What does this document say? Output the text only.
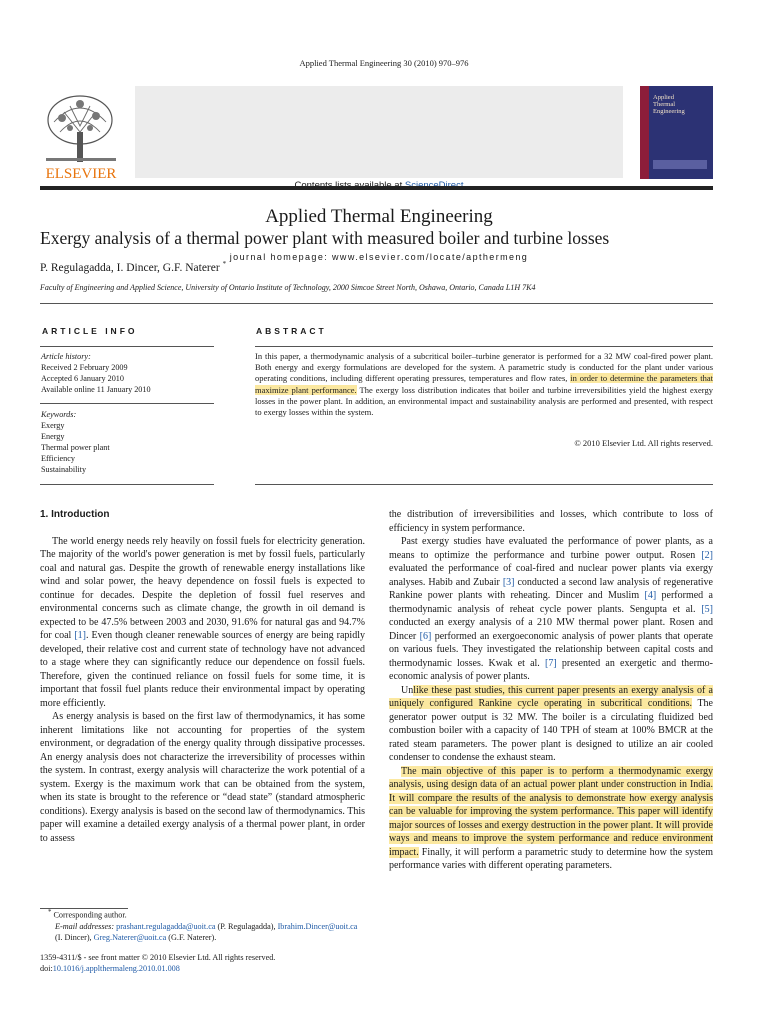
Applied Thermal Engineering 30 (2010) 970–976
ELSEVIER
Applied Thermal Engineering
journal homepage: www.elsevier.com/locate/apthermeng
Applied
Thermal
Engineering
Exergy analysis of a thermal power plant with measured boiler and turbine losses
P. Regulagadda, I. Dincer, G.F. Naterer *
Faculty of Engineering and Applied Science, University of Ontario Institute of Technology, 2000 Simcoe Street North, Oshawa, Ontario, Canada L1H 7K4
ARTICLE INFO
Article history:
Received 2 February 2009
Accepted 6 January 2010
Available online 11 January 2010
Keywords:
Exergy
Energy
Thermal power plant
Efficiency
Sustainability
ABSTRACT
In this paper, a thermodynamic analysis of a subcritical boiler–turbine generator is performed for a 32 MW coal-fired power plant. Both energy and exergy formulations are developed for the system. A parametric study is conducted for the plant under various operating conditions, including different operating pressures, temperatures and flow rates, in order to determine the parameters that maximize plant performance. The exergy loss distribution indicates that boiler and turbine irreversibilities yield the highest exergy losses in the power plant. In addition, an environmental impact and sustainability analysis are performed and presented, with respect to exergy losses within the system.
© 2010 Elsevier Ltd. All rights reserved.
1. Introduction

The world energy needs rely heavily on fossil fuels for electricity generation. The majority of the world's power generation is met by fossil fuels, particularly coal and natural gas. Despite the growth of renewable energy installations like wind and solar power, the heavy dependence on fossil fuels is expected to continue for decades. Despite the depletion of fossil fuel reserves and environmental concerns such as climate change, the growth in oil demand is expected to be 47.5% between 2003 and 2030, 91.6% for natural gas and 94.7% for coal [1]. Even though cleaner renewable sources of energy are being rapidly developed, their relative cost and current state of technology have not advanced to a stage where they can significantly reduce our dependence on fossil fuels. Therefore, given the continued reliance on fossil fuels for some time, it is important that fossil fuel plants reduce their environmental impact by operating more efficiently.

As energy analysis is based on the first law of thermodynamics, it has some inherent limitations like not accounting for properties of the system environment, or degradation of the energy quality through dissipative processes. An energy analysis does not characterize the irreversibility of processes within the system. In contrast, exergy analysis will characterize the work potential of a system. Exergy is the maximum work that can be obtained from the system, when its state is brought to the reference or “dead state” (standard atmospheric conditions). Exergy analysis is based on the second law of thermodynamics. This paper will examine a detailed exergy analysis of a thermal power plant, in order to assess

the distribution of irreversibilities and losses, which contribute to loss of efficiency in system performance.

Past exergy studies have evaluated the performance of power plants, as a means to optimize the performance and turbine power output. Rosen [2] evaluated the performance of coal-fired and nuclear power plants via exergy analyses. Habib and Zubair [3] conducted a second law analysis of regenerative Rankine power plants with reheating. Dincer and Muslim [4] performed a thermodynamic analysis of reheat cycle power plants. Sengupta et al. [5] conducted an exergy analysis of a 210 MW thermal power plant. Rosen and Dincer [6] performed an exergoeconomic analysis of power plants that operate on various fuels. They investigated the relationship between capital costs and thermodynamic losses. Kwak et al. [7] presented an exergetic and thermo-economic analysis of power plants.

Unlike these past studies, this current paper presents an exergy analysis of a uniquely configured Rankine cycle operating in subcritical conditions. The generator power output is 32 MW. The boiler is a circulating fluidized bed combustion boiler with a capacity of 140 TPH of steam at 100% BMCR at the rated steam parameters. The power plant is designed to utilize an air cooled condenser to condense the exhaust steam.

The main objective of this paper is to perform a thermodynamic exergy analysis, using design data of an actual power plant under construction in India. It will compare the results of the analysis to demonstrate how exergy analysis can be valuable for improving the system performance. This paper will identify major sources of losses and exergy destruction in the power plant. It will provide ways and means to improve the system performance and reduce environment impact. Finally, it will perform a parametric study to determine how the system performance varies with different operating parameters.

* Corresponding author.
E-mail addresses: prashant.regulagadda@uoit.ca (P. Regulagadda), Ibrahim.Dincer@uoit.ca (I. Dincer), Greg.Naterer@uoit.ca (G.F. Naterer).
1359-4311/$ - see front matter © 2010 Elsevier Ltd. All rights reserved.
doi:10.1016/j.applthermaleng.2010.01.008
